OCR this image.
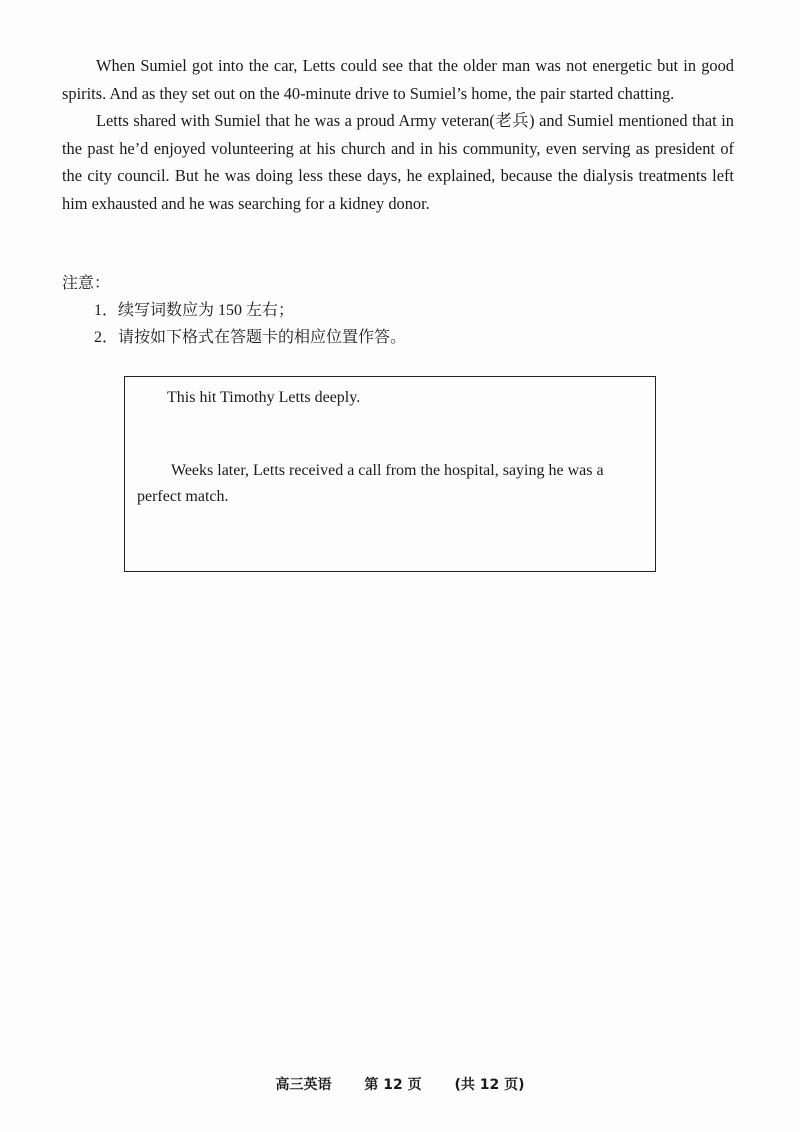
When Sumiel got into the car, Letts could see that the older man was not energetic but in good spirits. And as they set out on the 40-minute drive to Sumiel’s home, the pair started chatting.

Letts shared with Sumiel that he was a proud Army veteran(老兵) and Sumiel mentioned that in the past he’d enjoyed volunteering at his church and in his community, even serving as president of the city council. But he was doing less these days, he explained, because the dialysis treatments left him exhausted and he was searching for a kidney donor.

注意：

1．续写词数应为 150 左右；
2．请按如下格式在答题卡的相应位置作答。

This hit Timothy Letts deeply.

Weeks later, Letts received a call from the hospital, saying he was a perfect match.

高三英语 第 12 页 (共 12 页)
